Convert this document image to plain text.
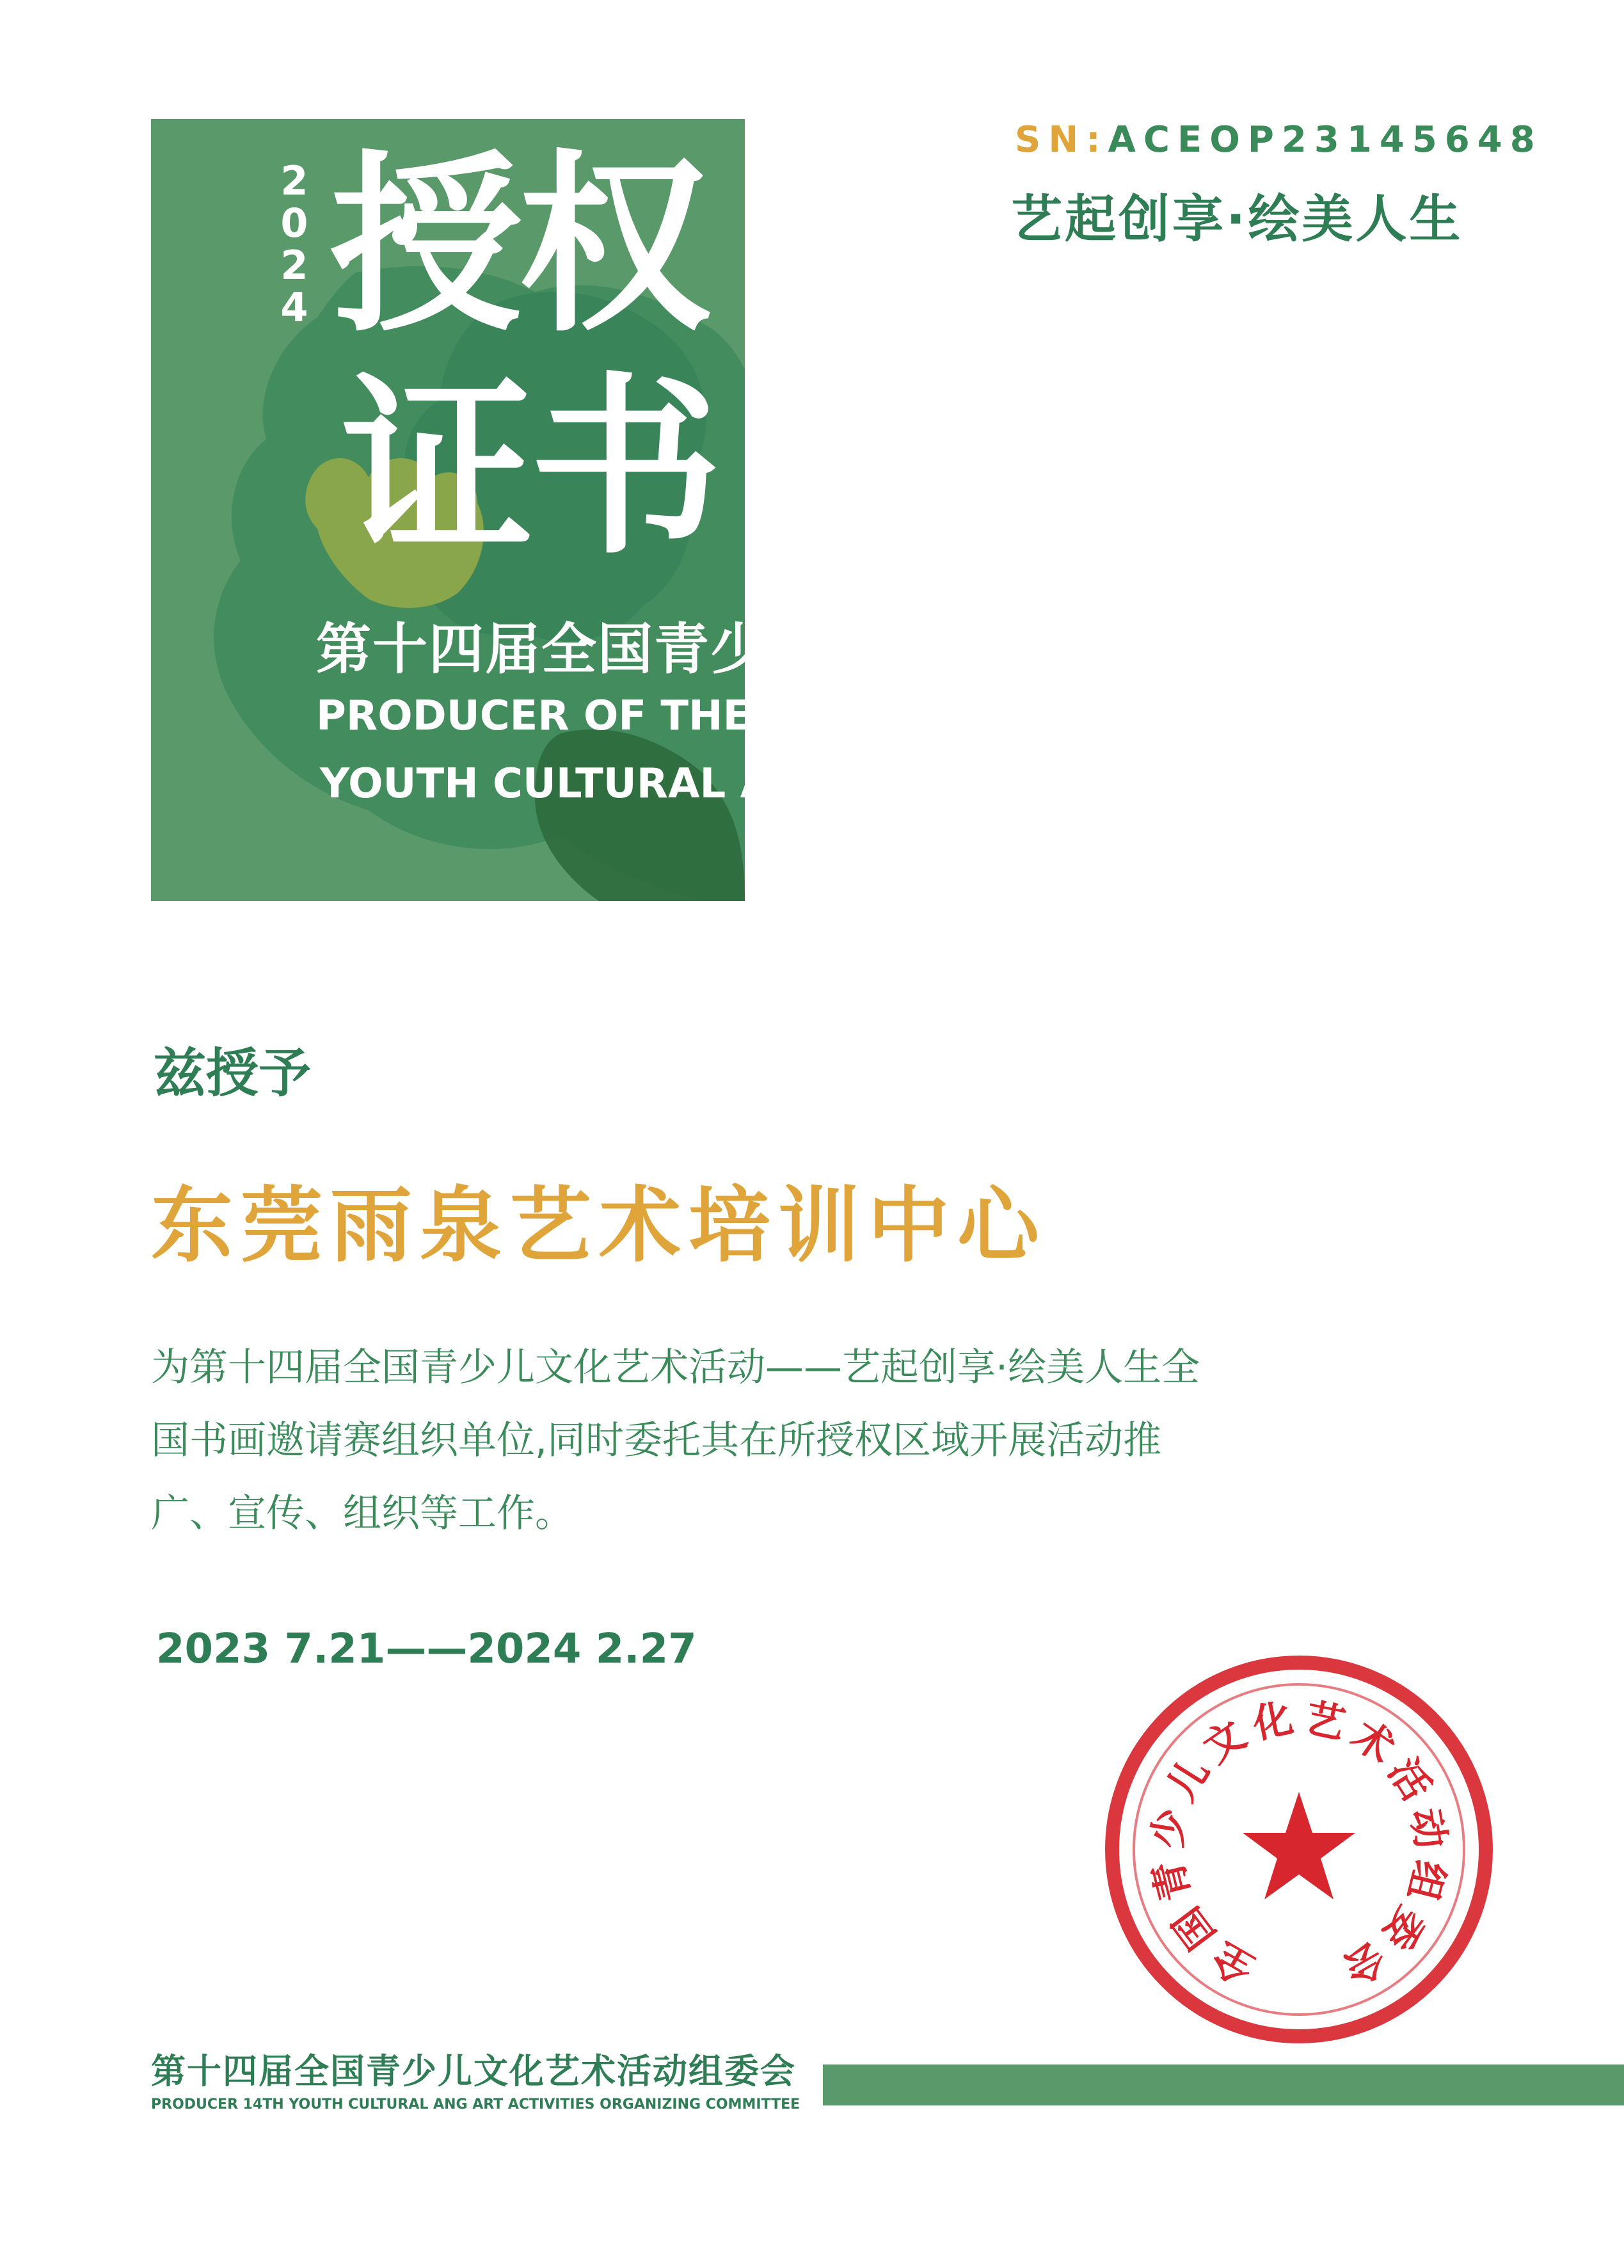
2
0
2
4 授权
证书
第十四届全国青少儿文化艺术活动
PRODUCER OF THE 14TH
YOUTH CULTURAL AND ART ACTIVITIES
SN:ACEOP23145648
艺起创享·绘美人生
兹授予
东莞雨泉艺术培训中心
为第十四届全国青少儿文化艺术活动——艺起创享·绘美人生全国书画邀请赛组织单位,同时委托其在所授权区域开展活动推广、宣传、组织等工作。
2023 7.21——2024 2.27
全
国
青
少
儿
文
化 艺
术
活
动
组
委
会
第十四届全国青少儿文化艺术活动组委会
PRODUCER 14TH YOUTH CULTURAL ANG ART ACTIVITIES ORGANIZING COMMITTEE
